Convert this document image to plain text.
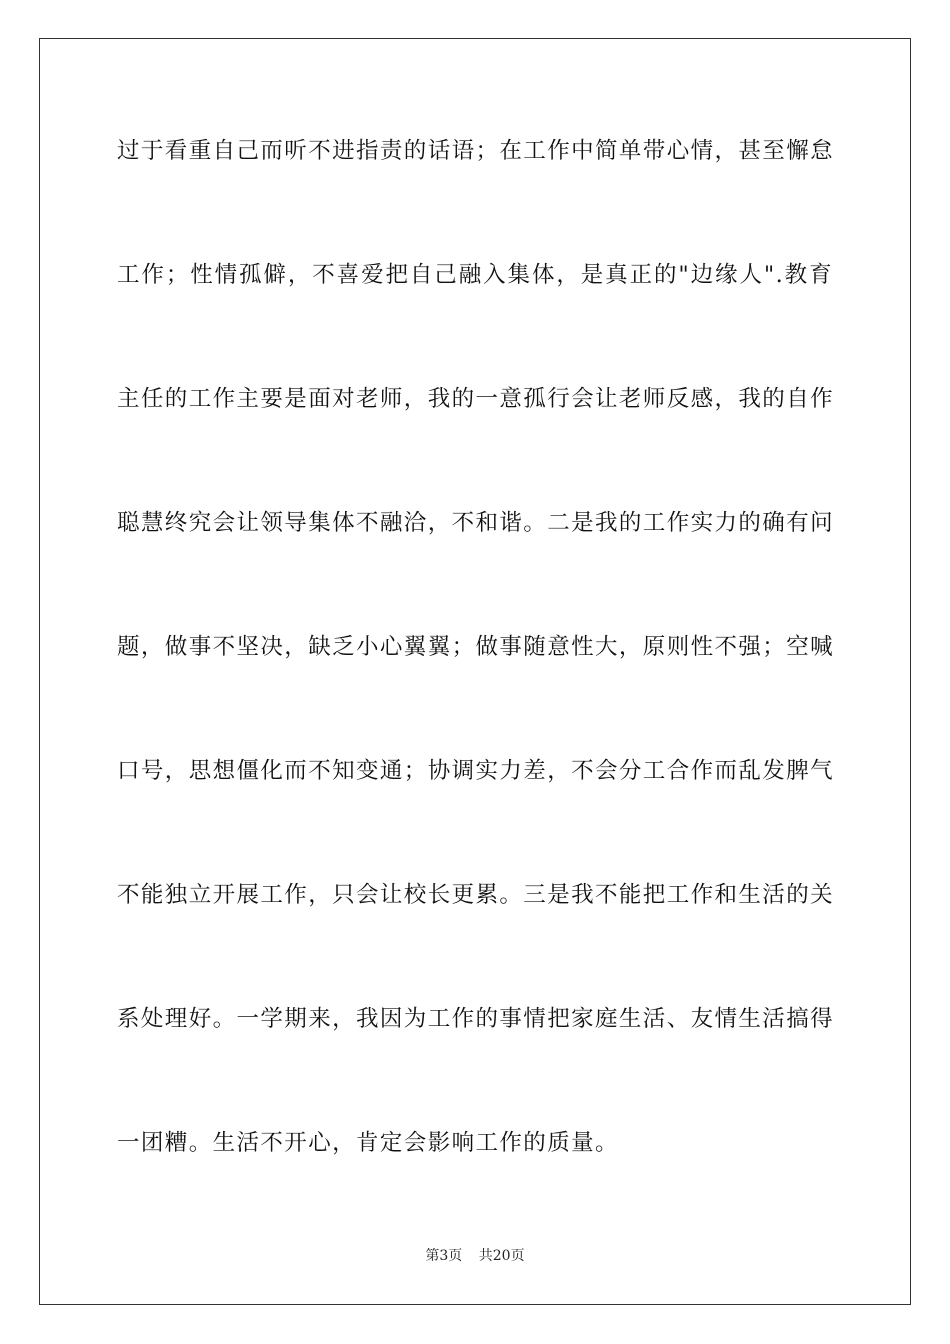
过于看重自己而听不进指责的话语；在工作中简单带心情，甚至懈怠
工作；性情孤僻，不喜爱把自己融入集体，是真正的"边缘人".教育
主任的工作主要是面对老师，我的一意孤行会让老师反感，我的自作
聪慧终究会让领导集体不融洽，不和谐。二是我的工作实力的确有问
题，做事不坚决，缺乏小心翼翼；做事随意性大，原则性不强；空喊
口号，思想僵化而不知变通；协调实力差，不会分工合作而乱发脾气
不能独立开展工作，只会让校长更累。三是我不能把工作和生活的关
系处理好。一学期来，我因为工作的事情把家庭生活、友情生活搞得
一团糟。生活不开心，肯定会影响工作的质量。
第3页 共20页
